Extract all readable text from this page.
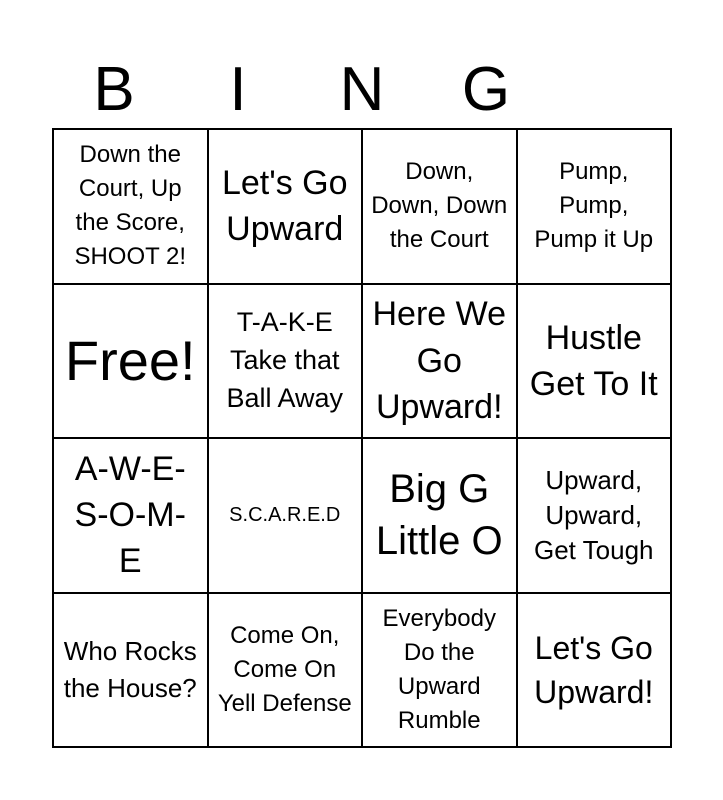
B	I	N	G
Down the Court, Up the Score, SHOOT 2!
Let's Go Upward
Down, Down, Down the Court
Pump, Pump, Pump it Up
Free!
T-A-K-E Take that Ball Away
Here We Go Upward!
Hustle Get To It
A-W-E-S-O-M-E
S.C.A.R.E.D
Big G Little O
Upward, Upward, Get Tough
Who Rocks the House?
Come On, Come On Yell Defense
Everybody Do the Upward Rumble
Let's Go Upward!
